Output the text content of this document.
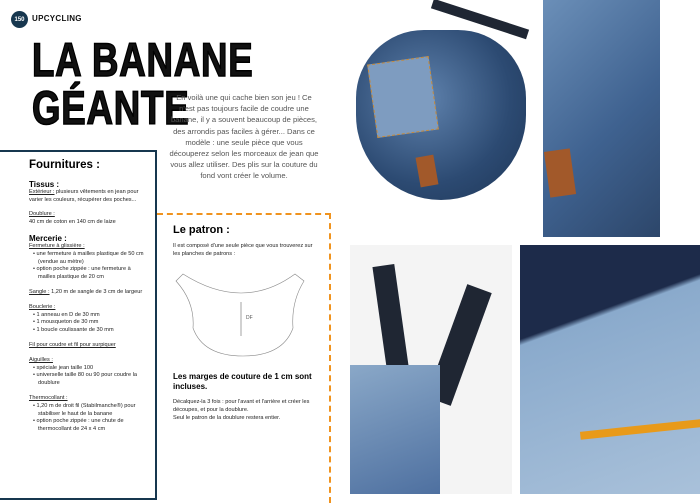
150 UPCYCLING
LA BANANE
GÉANTE
En voilà une qui cache bien son jeu ! Ce n'est pas toujours facile de coudre une banane, il y a souvent beaucoup de pièces, des arrondis pas faciles à gérer... Dans ce modèle : une seule pièce que vous découperez selon les morceaux de jean que vous allez utiliser. Des plis sur la couture du fond vont créer le volume.
Fournitures :
Tissus :
Extérieur : plusieurs vêtements en jean pour varier les couleurs, récupérer des poches...
Doublure :
40 cm de coton en 140 cm de laize
Mercerie :
Fermeture à glissière :
• une fermeture à mailles plastique de 50 cm (vendue au mètre)
• option poche zippée : une fermeture à mailles plastique de 20 cm
Sangle : 1,20 m de sangle de 3 cm de largeur
Bouclerie :
• 1 anneau en D de 30 mm
• 1 mousqueton de 30 mm
• 1 boucle coulissante de 30 mm
Fil pour coudre et fil pour surpiquer
Aiguilles :
• spéciale jean taille 100
• universelle taille 80 ou 90 pour coudre la doublure
Thermocollant :
• 1,20 m de droit fil (Stabilmanche®) pour stabiliser le haut de la banane
• option poche zippée : une chute de thermocollant de 24 x 4 cm
Le patron :
Il est composé d'une seule pièce que vous trouverez sur les planches de patrons :
DF
Les marges de couture de 1 cm sont incluses.
Décalquez-la 3 fois : pour l'avant et l'arrière et créer les découpes, et pour la doublure.
Seul le patron de la doublure restera entier.
